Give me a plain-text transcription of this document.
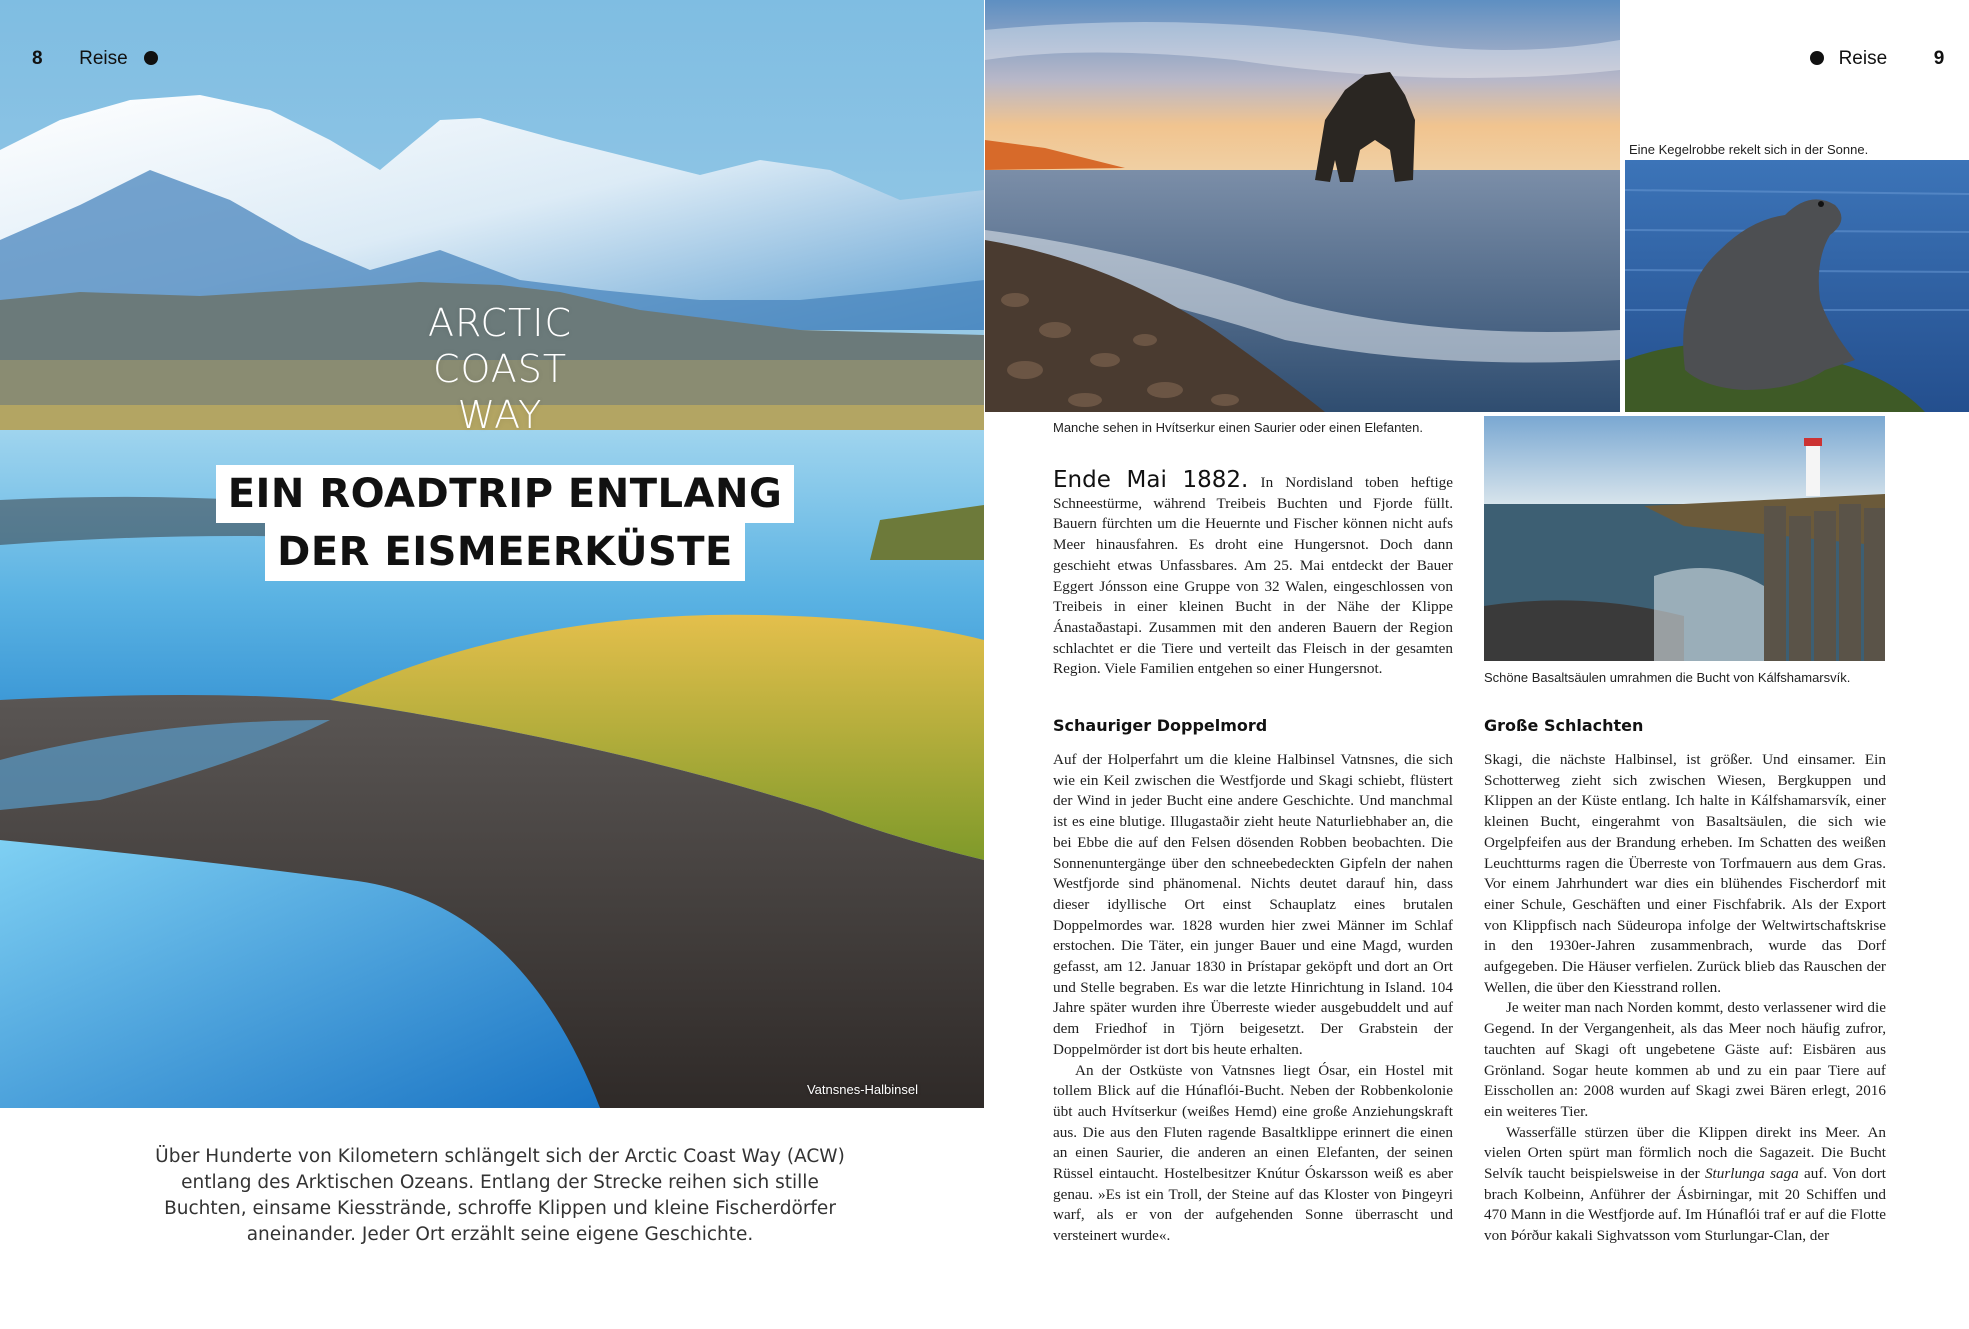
8 Reise
ARCTIC
COAST
WAY
EIN ROADTRIP ENTLANG
DER EISMEERKÜSTE
Vatnsnes-Halbinsel
Über Hunderte von Kilometern schlängelt sich der Arctic Coast Way (ACW) entlang des Arktischen Ozeans. Entlang der Strecke reihen sich stille Buchten, einsame Kiesstrände, schroffe Klippen und kleine Fischerdörfer aneinander. Jeder Ort erzählt seine eigene Geschichte.
Reise 9
Manche sehen in Hvítserkur einen Saurier oder einen Elefanten.
Eine Kegelrobbe rekelt sich in der Sonne.
Schöne Basaltsäulen umrahmen die Bucht von Kálfshamarsvík.

Ende Mai 1882. In Nordisland toben heftige Schneestürme, während Treibeis Buchten und Fjorde füllt. Bauern fürchten um die Heuernte und Fischer können nicht aufs Meer hinausfahren. Es droht eine Hungersnot. Doch dann geschieht etwas Unfassbares. Am 25. Mai entdeckt der Bauer Eggert Jónsson eine Gruppe von 32 Walen, eingeschlossen von Treibeis in einer kleinen Bucht in der Nähe der Klippe Ánastaðastapi. Zusammen mit den anderen Bauern der Region schlachtet er die Tiere und verteilt das Fleisch in der gesamten Region. Viele Familien entgehen so einer Hungersnot.

Schauriger Doppelmord

Auf der Holperfahrt um die kleine Halbinsel Vatnsnes, die sich wie ein Keil zwischen die Westfjorde und Skagi schiebt, flüstert der Wind in jeder Bucht eine andere Geschichte. Und manchmal ist es eine blutige. Illugastaðir zieht heute Naturliebhaber an, die bei Ebbe die auf den Felsen dösenden Robben beobachten. Die Sonnenuntergänge über den schneebedeckten Gipfeln der nahen Westfjorde sind phänomenal. Nichts deutet darauf hin, dass dieser idyllische Ort einst Schauplatz eines brutalen Doppelmordes war. 1828 wurden hier zwei Männer im Schlaf erstochen. Die Täter, ein junger Bauer und eine Magd, wurden gefasst, am 12. Januar 1830 in Þrístapar geköpft und dort an Ort und Stelle begraben. Es war die letzte Hinrichtung in Island. 104 Jahre später wurden ihre Überreste wieder ausgebuddelt und auf dem Friedhof in Tjörn beigesetzt. Der Grabstein der Doppelmörder ist dort bis heute erhalten.

An der Ostküste von Vatnsnes liegt Ósar, ein Hostel mit tollem Blick auf die Húnaflói-Bucht. Neben der Robbenkolonie übt auch Hvítserkur (weißes Hemd) eine große Anziehungskraft aus. Die aus den Fluten ragende Basaltklippe erinnert die einen an einen Saurier, die anderen an einen Elefanten, der seinen Rüssel eintaucht. Hostelbesitzer Knútur Óskarsson weiß es aber genau. »Es ist ein Troll, der Steine auf das Kloster von Þingeyri warf, als er von der aufgehenden Sonne überrascht und versteinert wurde«.

Große Schlachten

Skagi, die nächste Halbinsel, ist größer. Und einsamer. Ein Schotterweg zieht sich zwischen Wiesen, Bergkuppen und Klippen an der Küste entlang. Ich halte in Kálfshamarsvík, einer kleinen Bucht, eingerahmt von Basaltsäulen, die sich wie Orgelpfeifen aus der Brandung erheben. Im Schatten des weißen Leuchtturms ragen die Überreste von Torfmauern aus dem Gras. Vor einem Jahrhundert war dies ein blühendes Fischerdorf mit einer Schule, Geschäften und einer Fischfabrik. Als der Export von Klippfisch nach Südeuropa infolge der Weltwirtschaftskrise in den 1930er-Jahren zusammenbrach, wurde das Dorf aufgegeben. Die Häuser verfielen. Zurück blieb das Rauschen der Wellen, die über den Kiesstrand rollen.

Je weiter man nach Norden kommt, desto verlassener wird die Gegend. In der Vergangenheit, als das Meer noch häufig zufror, tauchten auf Skagi oft ungebetene Gäste auf: Eisbären aus Grönland. Sogar heute kommen ab und zu ein paar Tiere auf Eisschollen an: 2008 wurden auf Skagi zwei Bären erlegt, 2016 ein weiteres Tier.

Wasserfälle stürzen über die Klippen direkt ins Meer. An vielen Orten spürt man förmlich noch die Sagazeit. Die Bucht Selvík taucht beispielsweise in der Sturlunga saga auf. Von dort brach Kolbeinn, Anführer der Ásbirningar, mit 20 Schiffen und 470 Mann in die Westfjorde auf. Im Húnaflói traf er auf die Flotte von Þórður kakali Sighvatsson vom Sturlungar-Clan, der
